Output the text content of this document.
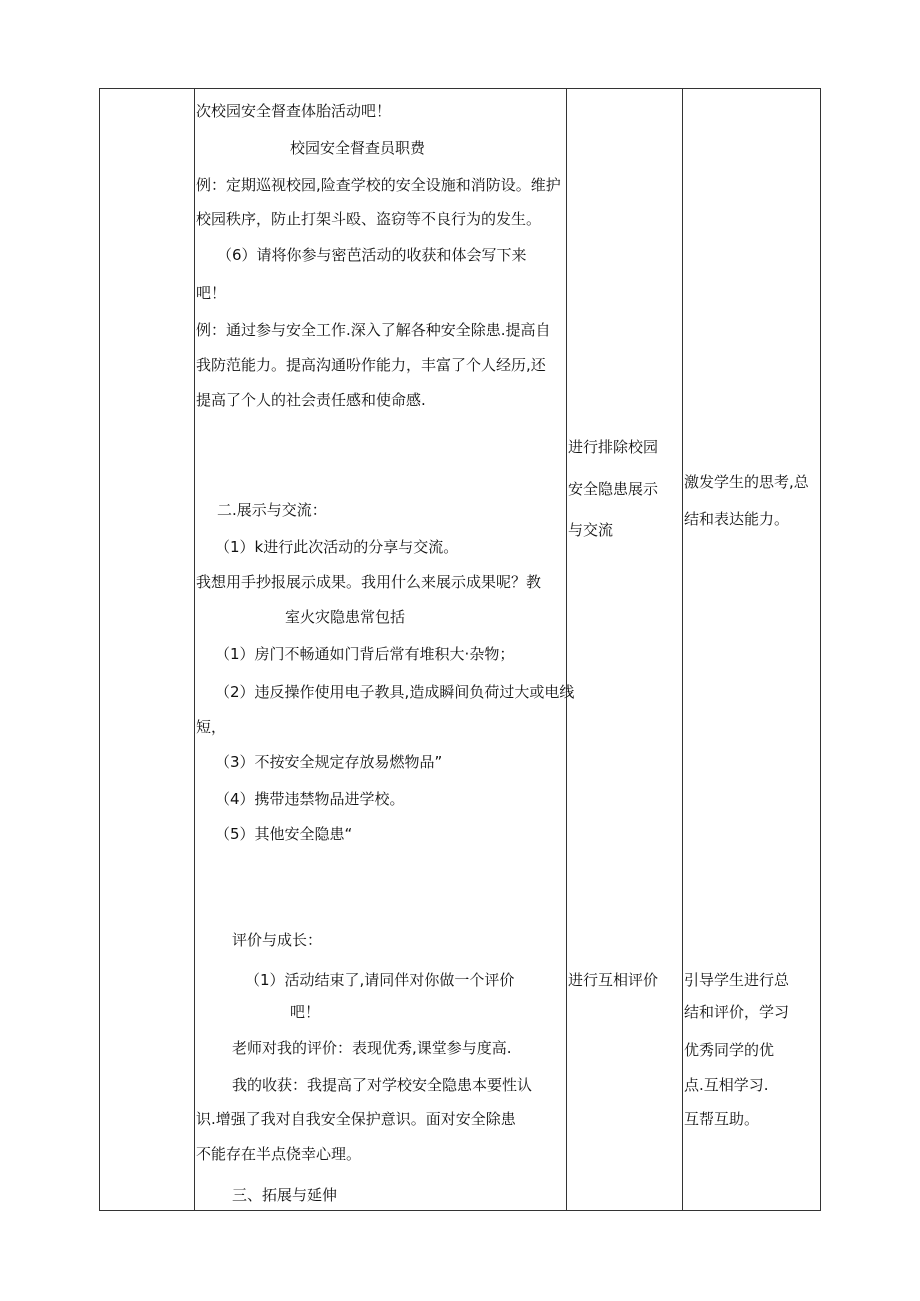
次校园安全督查体胎活动吧！
校园安全督查员职费
例：定期巡视校园,险查学校的安全设施和消防设。维护
校园秩序，防止打架斗殴、盗窃等不良行为的发生。
（6）请将你参与密芭活动的收获和体会写下来
吧！
例：通过参与安全工作.深入了解各种安全除患.提高自
我防范能力。提高沟通吩作能力，丰富了个人经历,还
提高了个人的社会责任感和使命感.
二.展示与交流：
（1）k进行此次活动的分享与交流。
我想用手抄报展示成果。我用什么来展示成果呢？教
室火灾隐患常包括
（1）房门不畅通如门背后常有堆积大·杂物；
（2）违反操作使用电子教具,造成瞬间负荷过大或电线
短，
（3）不按安全规定存放易燃物品”
（4）携带违禁物品进学校。
（5）其他安全隐患“
评价与成长：
（1）活动结束了,请同伴对你做一个评价
吧！
老师对我的评价：表现优秀,课堂参与度高.
我的收获：我提高了对学校安全隐患本要性认
识.增强了我对自我安全保护意识。面对安全除患
不能存在半点侥幸心理。
三、拓展与延伸
进行排除校园
安全隐患展示
与交流
进行互相评价
激发学生的思考,总
结和表达能力。
引导学生进行总
结和评价，学习
优秀同学的优
点.互相学习.
互帮互助。
